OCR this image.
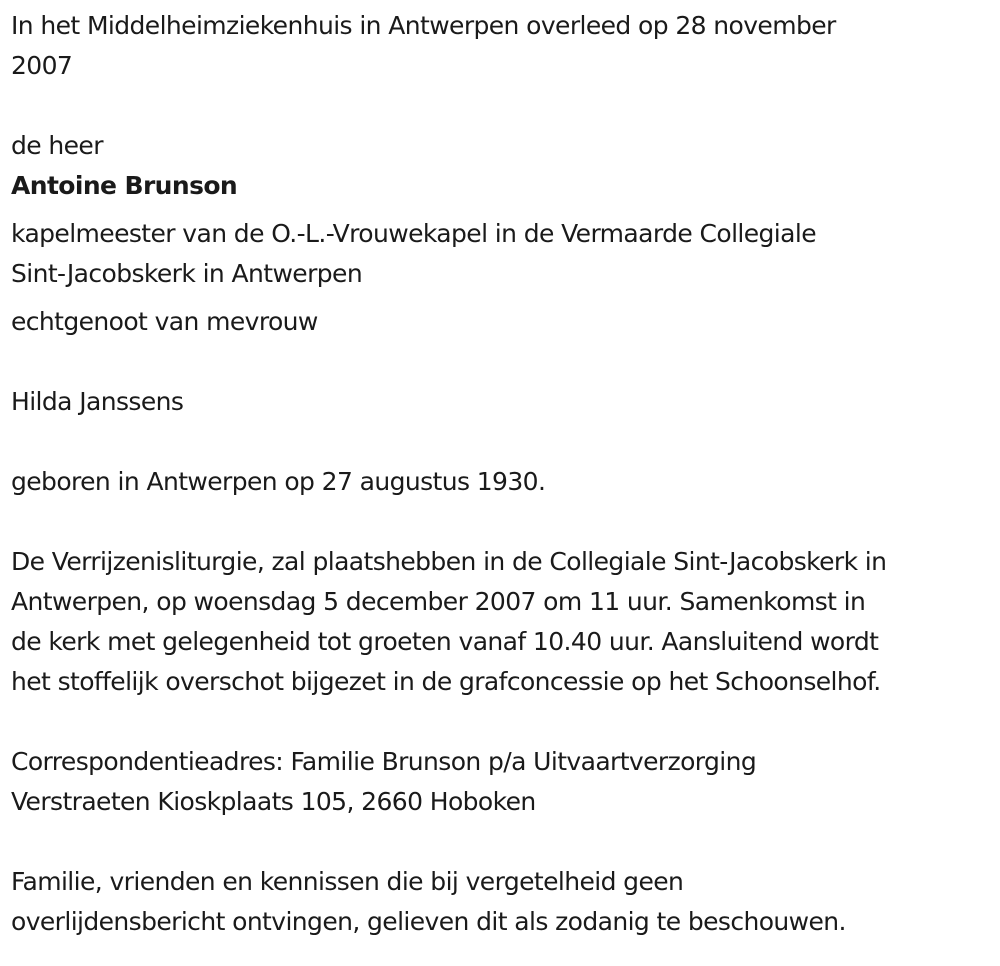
In het Middelheimziekenhuis in Antwerpen overleed op 28 november
2007
de heer
Antoine Brunson
kapelmeester van de O.-L.-Vrouwekapel in de Vermaarde Collegiale
Sint-Jacobskerk in Antwerpen
echtgenoot van mevrouw
Hilda Janssens
geboren in Antwerpen op 27 augustus 1930.
De Verrijzenisliturgie, zal plaatshebben in de Collegiale Sint-Jacobskerk in
Antwerpen, op woensdag 5 december 2007 om 11 uur. Samenkomst in
de kerk met gelegenheid tot groeten vanaf 10.40 uur. Aansluitend wordt
het stoffelijk overschot bijgezet in de grafconcessie op het Schoonselhof.
Correspondentieadres: Familie Brunson p/a Uitvaartverzorging
Verstraeten Kioskplaats 105, 2660 Hoboken
Familie, vrienden en kennissen die bij vergetelheid geen
overlijdensbericht ontvingen, gelieven dit als zodanig te beschouwen.
